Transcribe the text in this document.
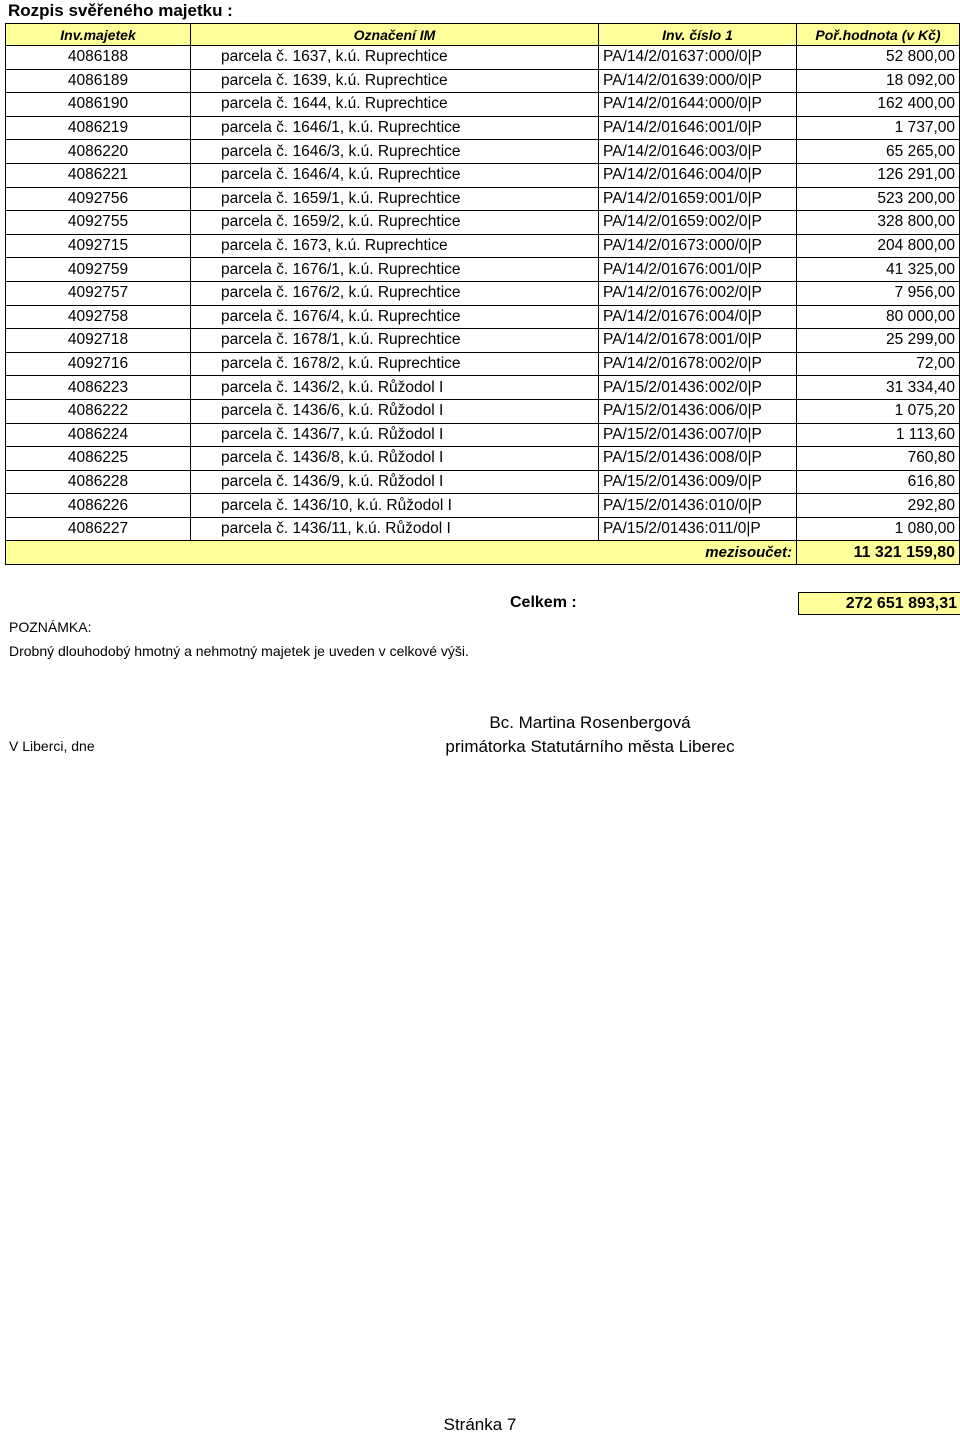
Rozpis svěřeného majetku :
Inv.majetek	Označení IM	Inv. číslo 1	Poř.hodnota (v Kč)
4086188	parcela č. 1637, k.ú. Ruprechtice	PA/14/2/01637:000/0|P	52 800,00
4086189	parcela č. 1639, k.ú. Ruprechtice	PA/14/2/01639:000/0|P	18 092,00
4086190	parcela č. 1644, k.ú. Ruprechtice	PA/14/2/01644:000/0|P	162 400,00
4086219	parcela č. 1646/1, k.ú. Ruprechtice	PA/14/2/01646:001/0|P	1 737,00
4086220	parcela č. 1646/3, k.ú. Ruprechtice	PA/14/2/01646:003/0|P	65 265,00
4086221	parcela č. 1646/4, k.ú. Ruprechtice	PA/14/2/01646:004/0|P	126 291,00
4092756	parcela č. 1659/1, k.ú. Ruprechtice	PA/14/2/01659:001/0|P	523 200,00
4092755	parcela č. 1659/2, k.ú. Ruprechtice	PA/14/2/01659:002/0|P	328 800,00
4092715	parcela č. 1673, k.ú. Ruprechtice	PA/14/2/01673:000/0|P	204 800,00
4092759	parcela č. 1676/1, k.ú. Ruprechtice	PA/14/2/01676:001/0|P	41 325,00
4092757	parcela č. 1676/2, k.ú. Ruprechtice	PA/14/2/01676:002/0|P	7 956,00
4092758	parcela č. 1676/4, k.ú. Ruprechtice	PA/14/2/01676:004/0|P	80 000,00
4092718	parcela č. 1678/1, k.ú. Ruprechtice	PA/14/2/01678:001/0|P	25 299,00
4092716	parcela č. 1678/2, k.ú. Ruprechtice	PA/14/2/01678:002/0|P	72,00
4086223	parcela č. 1436/2, k.ú. Růžodol I	PA/15/2/01436:002/0|P	31 334,40
4086222	parcela č. 1436/6, k.ú. Růžodol I	PA/15/2/01436:006/0|P	1 075,20
4086224	parcela č. 1436/7, k.ú. Růžodol I	PA/15/2/01436:007/0|P	1 113,60
4086225	parcela č. 1436/8, k.ú. Růžodol I	PA/15/2/01436:008/0|P	760,80
4086228	parcela č. 1436/9, k.ú. Růžodol I	PA/15/2/01436:009/0|P	616,80
4086226	parcela č. 1436/10, k.ú. Růžodol I	PA/15/2/01436:010/0|P	292,80
4086227	parcela č. 1436/11, k.ú. Růžodol I	PA/15/2/01436:011/0|P	1 080,00
		mezisoučet:	11 321 159,80
Celkem :	272 651 893,31
POZNÁMKA:
Drobný dlouhodobý hmotný a nehmotný majetek je uveden v celkové výši.
V Liberci, dne
Bc. Martina Rosenbergová
primátorka Statutárního města Liberec
Stránka 7
